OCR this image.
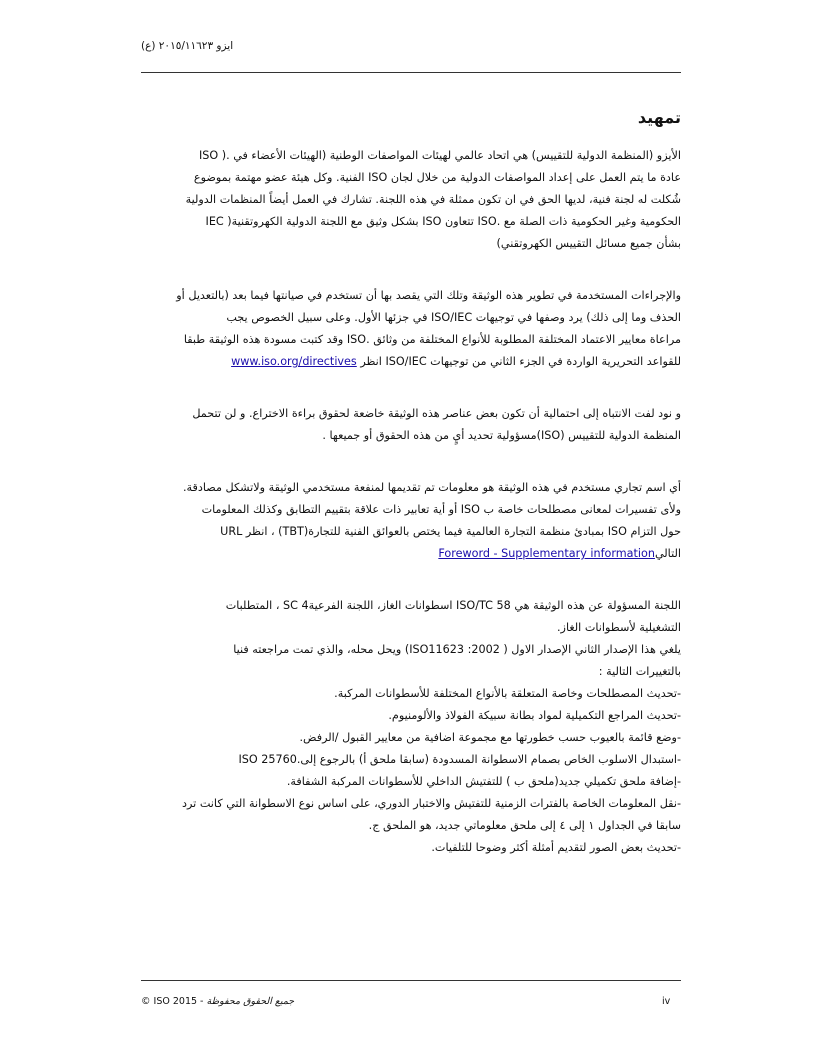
ايزو ٢٠١٥/١١٦٢٣ (ع)
تمهيد
الأيزو (المنظمة الدولية للتقييس) هي اتحاد عالمي لهيئات المواصفات الوطنية (الهيئات الأعضاء في .( ISO
عادة ما يتم العمل على إعداد المواصفات الدولية من خلال لجان ISO الفنية. وكل هيئة عضو مهتمة بموضوع
شُكلت له لجنة فنية، لديها الحق في ان تكون ممثلة في هذه اللجنة. تشارك في العمل أيضاً المنظمات الدولية
الحكومية وغير الحكومية ذات الصلة مع .ISO تتعاون ISO بشكل وثيق مع اللجنة الدولية الكهروتقنية( IEC
بشأن جميع مسائل التقييس الكهروتقني)
والإجراءات المستخدمة في تطوير هذه الوثيقة وتلك التي يقصد بها أن تستخدم في صيانتها فيما بعد (بالتعديل أو
الحذف وما إلى ذلك) يرد وصفها في توجيهات ISO/IEC في جزئها الأول. وعلى سبيل الخصوص يجب
مراعاة معايير الاعتماد المختلفة المطلوبة للأنواع المختلفة من وثائق .ISO وقد كتبت مسودة هذه الوثيقة طبقا
للقواعد التحريرية الواردة في الجزء الثاني من توجيهات ISO/IEC انظر www.iso.org/directives
و نود لفت الانتباه إلى احتمالية أن تكون بعض عناصر هذه الوثيقة خاضعة لحقوق براءة الاختراع. و لن تتحمل
المنظمة الدولية للتقييس (ISO)مسؤولية تحديد أيٍ من هذه الحقوق أو جميعها .
أي اسم تجاري مستخدم في هذه الوثيقة هو معلومات تم تقديمها لمنفعة مستخدمي الوثيقة ولاتشكل مصادقة.
ولأى تفسيرات لمعانى مصطلحات خاصة ب ISO أو أية تعابير ذات علاقة بتقييم التطابق وكذلك المعلومات
حول التزام ISO بمبادئ منظمة التجارة العالمية فيما يختص بالعوائق الفنية للتجارة(TBT) ، انظر URL
التاليForeword - Supplementary information
اللجنة المسؤولة عن هذه الوثيقة هي ISO/TC 58 اسطوانات الغاز، اللجنة الفرعية4 SC ، المتطلبات
التشغيلية لأسطوانات الغاز.
يلغي هذا الإصدار الثاني الإصدار الاول ( ISO11623 :2002) ويحل محله، والذي تمت مراجعته فنيا
بالتغييرات التالية :
-تحديث المصطلحات وخاصة المتعلقة بالأنواع المختلفة للأسطوانات المركبة.
-تحديث المراجع التكميلية لمواد بطانة سبيكة الفولاذ والألومنيوم.
-وضع قائمة بالعيوب حسب خطورتها مع مجموعة اضافية من معايير القبول /الرفض.
-استبدال الاسلوب الخاص بصمام الاسطوانة المسدودة (سابقا ملحق أ) بالرجوع إلى.ISO 25760
-إضافة ملحق تكميلي جديد(ملحق ب ) للتفتيش الداخلي للأسطوانات المركبة الشفافة.
-نقل المعلومات الخاصة بالفترات الزمنية للتفتيش والاختبار الدوري، على اساس نوع الاسطوانة التي كانت ترد
سابقا في الجداول ١ إلى ٤ إلى ملحق معلوماتي جديد، هو الملحق ج.
-تحديث بعض الصور لتقديم أمثلة أكثر وضوحا للتلفيات.
© ISO 2015 - جميع الحقوق محفوظة	iv
